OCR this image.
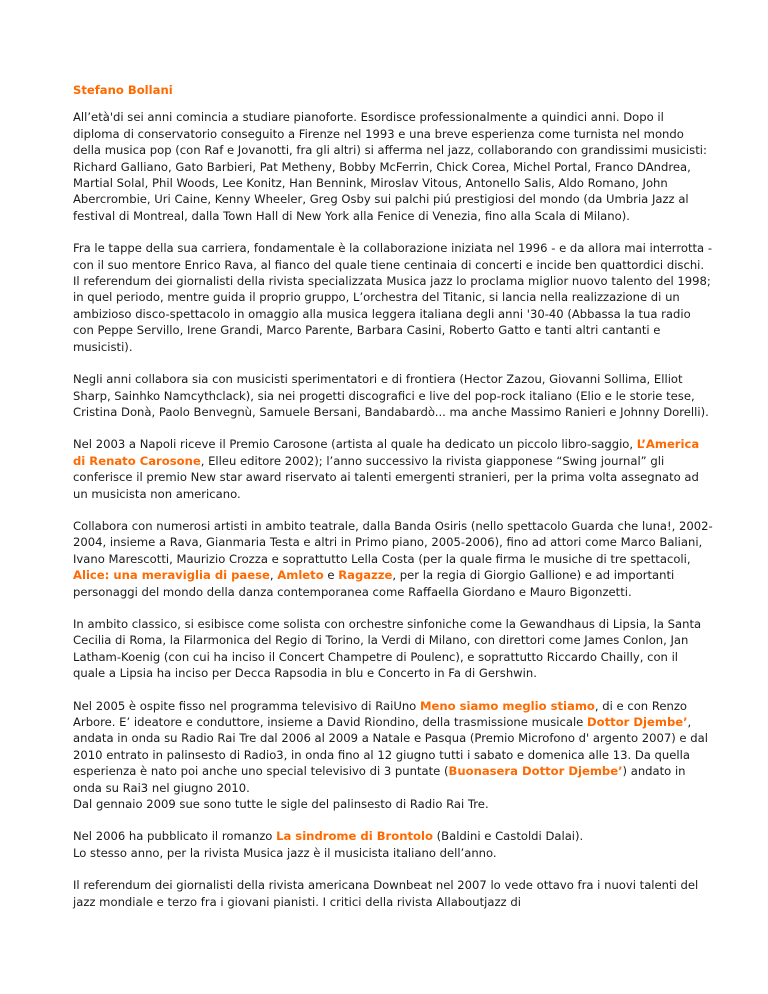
Stefano Bollani

All’età'di sei anni comincia a studiare pianoforte. Esordisce professionalmente a quindici anni. Dopo il diploma di conservatorio conseguito a Firenze nel 1993 e una breve esperienza come turnista nel mondo della musica pop (con Raf e Jovanotti, fra gli altri) si afferma nel jazz, collaborando con grandissimi musicisti: Richard Galliano, Gato Barbieri, Pat Metheny, Bobby McFerrin, Chick Corea, Michel Portal, Franco DAndrea, Martial Solal, Phil Woods, Lee Konitz, Han Bennink, Miroslav Vitous, Antonello Salis, Aldo Romano, John Abercrombie, Uri Caine, Kenny Wheeler, Greg Osby sui palchi piú prestigiosi del mondo (da Umbria Jazz al festival di Montreal, dalla Town Hall di New York alla Fenice di Venezia, fino alla Scala di Milano).

Fra le tappe della sua carriera, fondamentale è la collaborazione iniziata nel 1996 - e da allora mai interrotta - con il suo mentore Enrico Rava, al fianco del quale tiene centinaia di concerti e incide ben quattordici dischi.
Il referendum dei giornalisti della rivista specializzata Musica jazz lo proclama miglior nuovo talento del 1998; in quel periodo, mentre guida il proprio gruppo, L’orchestra del Titanic, si lancia nella realizzazione di un ambizioso disco-spettacolo in omaggio alla musica leggera italiana degli anni '30-40 (Abbassa la tua radio con Peppe Servillo, Irene Grandi, Marco Parente, Barbara Casini, Roberto Gatto e tanti altri cantanti e musicisti).

Negli anni collabora sia con musicisti sperimentatori e di frontiera (Hector Zazou, Giovanni Sollima, Elliot Sharp, Sainhko Namcythclack), sia nei progetti discografici e live del pop-rock italiano (Elio e le storie tese, Cristina Donà, Paolo Benvegnù, Samuele Bersani, Bandabardò... ma anche Massimo Ranieri e Johnny Dorelli).

Nel 2003 a Napoli riceve il Premio Carosone (artista al quale ha dedicato un piccolo libro-saggio, L’America di Renato Carosone, Elleu editore 2002); l’anno successivo la rivista giapponese “Swing journal” gli conferisce il premio New star award riservato ai talenti emergenti stranieri, per la prima volta assegnato ad un musicista non americano.

Collabora con numerosi artisti in ambito teatrale, dalla Banda Osiris (nello spettacolo Guarda che luna!, 2002-2004, insieme a Rava, Gianmaria Testa e altri in Primo piano, 2005-2006), fino ad attori come Marco Baliani, Ivano Marescotti, Maurizio Crozza e soprattutto Lella Costa (per la quale firma le musiche di tre spettacoli, Alice: una meraviglia di paese, Amleto e Ragazze, per la regia di Giorgio Gallione) e ad importanti personaggi del mondo della danza contemporanea come Raffaella Giordano e Mauro Bigonzetti.

In ambito classico, si esibisce come solista con orchestre sinfoniche come la Gewandhaus di Lipsia, la Santa Cecilia di Roma, la Filarmonica del Regio di Torino, la Verdi di Milano, con direttori come James Conlon, Jan Latham-Koenig (con cui ha inciso il Concert Champetre di Poulenc), e soprattutto Riccardo Chailly, con il quale a Lipsia ha inciso per Decca Rapsodia in blu e Concerto in Fa di Gershwin.

Nel 2005 è ospite fisso nel programma televisivo di RaiUno Meno siamo meglio stiamo, di e con Renzo Arbore. E’ ideatore e conduttore, insieme a David Riondino, della trasmissione musicale Dottor Djembe’, andata in onda su Radio Rai Tre dal 2006 al 2009 a Natale e Pasqua (Premio Microfono d' argento 2007) e dal 2010 entrato in palinsesto di Radio3, in onda fino al 12 giugno tutti i sabato e domenica alle 13. Da quella esperienza è nato poi anche uno special televisivo di 3 puntate (Buonasera Dottor Djembe’) andato in onda su Rai3 nel giugno 2010.
Dal gennaio 2009 sue sono tutte le sigle del palinsesto di Radio Rai Tre.

Nel 2006 ha pubblicato il romanzo La sindrome di Brontolo (Baldini e Castoldi Dalai).
Lo stesso anno, per la rivista Musica jazz è il musicista italiano dell’anno.

Il referendum dei giornalisti della rivista americana Downbeat nel 2007 lo vede ottavo fra i nuovi talenti del jazz mondiale e terzo fra i giovani pianisti. I critici della rivista Allaboutjazz di
